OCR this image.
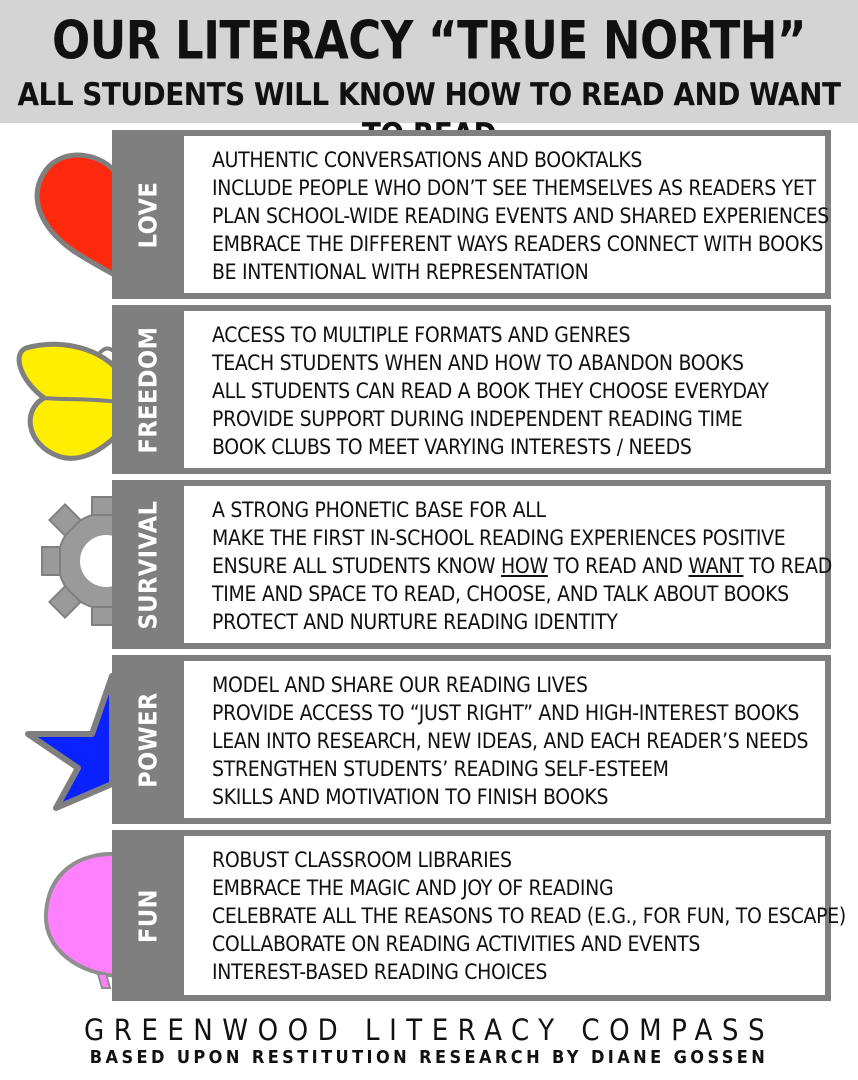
OUR LITERACY “TRUE NORTH”
ALL STUDENTS WILL KNOW HOW TO READ AND WANT
LOVE
AUTHENTIC CONVERSATIONS AND BOOKTALKS
INCLUDE PEOPLE WHO DON’T SEE THEMSELVES AS READERS YET
PLAN SCHOOL-WIDE READING EVENTS AND SHARED EXPERIENCES
EMBRACE THE DIFFERENT WAYS READERS CONNECT WITH BOOKS
BE INTENTIONAL WITH REPRESENTATION
FREEDOM ACCESS TO MULTIPLE FORMATS AND GENRES
TEACH STUDENTS WHEN AND HOW TO ABANDON BOOKS
ALL STUDENTS CAN READ A BOOK THEY CHOOSE EVERYDAY
PROVIDE SUPPORT DURING INDEPENDENT READING TIME
BOOK CLUBS TO MEET VARYING INTERESTS / NEEDS
SURVIVAL A STRONG PHONETIC BASE FOR ALL
MAKE THE FIRST IN-SCHOOL READING EXPERIENCES POSITIVE
ENSURE ALL STUDENTS KNOW HOW TO READ AND WANT TO READ
TIME AND SPACE TO READ, CHOOSE, AND TALK ABOUT BOOKS
PROTECT AND NURTURE READING IDENTITY
POWER
MODEL AND SHARE OUR READING LIVES
PROVIDE ACCESS TO “JUST RIGHT” AND HIGH-INTEREST BOOKS
LEAN INTO RESEARCH, NEW IDEAS, AND EACH READER’S NEEDS
STRENGTHEN STUDENTS’ READING SELF-ESTEEM
SKILLS AND MOTIVATION TO FINISH BOOKS
FUN
ROBUST CLASSROOM LIBRARIES
EMBRACE THE MAGIC AND JOY OF READING
CELEBRATE ALL THE REASONS TO READ (E.G., FOR FUN, TO ESCAPE)
COLLABORATE ON READING ACTIVITIES AND EVENTS
INTEREST-BASED READING CHOICES
GREENWOOD LITERACY COMPASS
BASED UPON RESTITUTION RESEARCH BY DIANE GOSSEN
